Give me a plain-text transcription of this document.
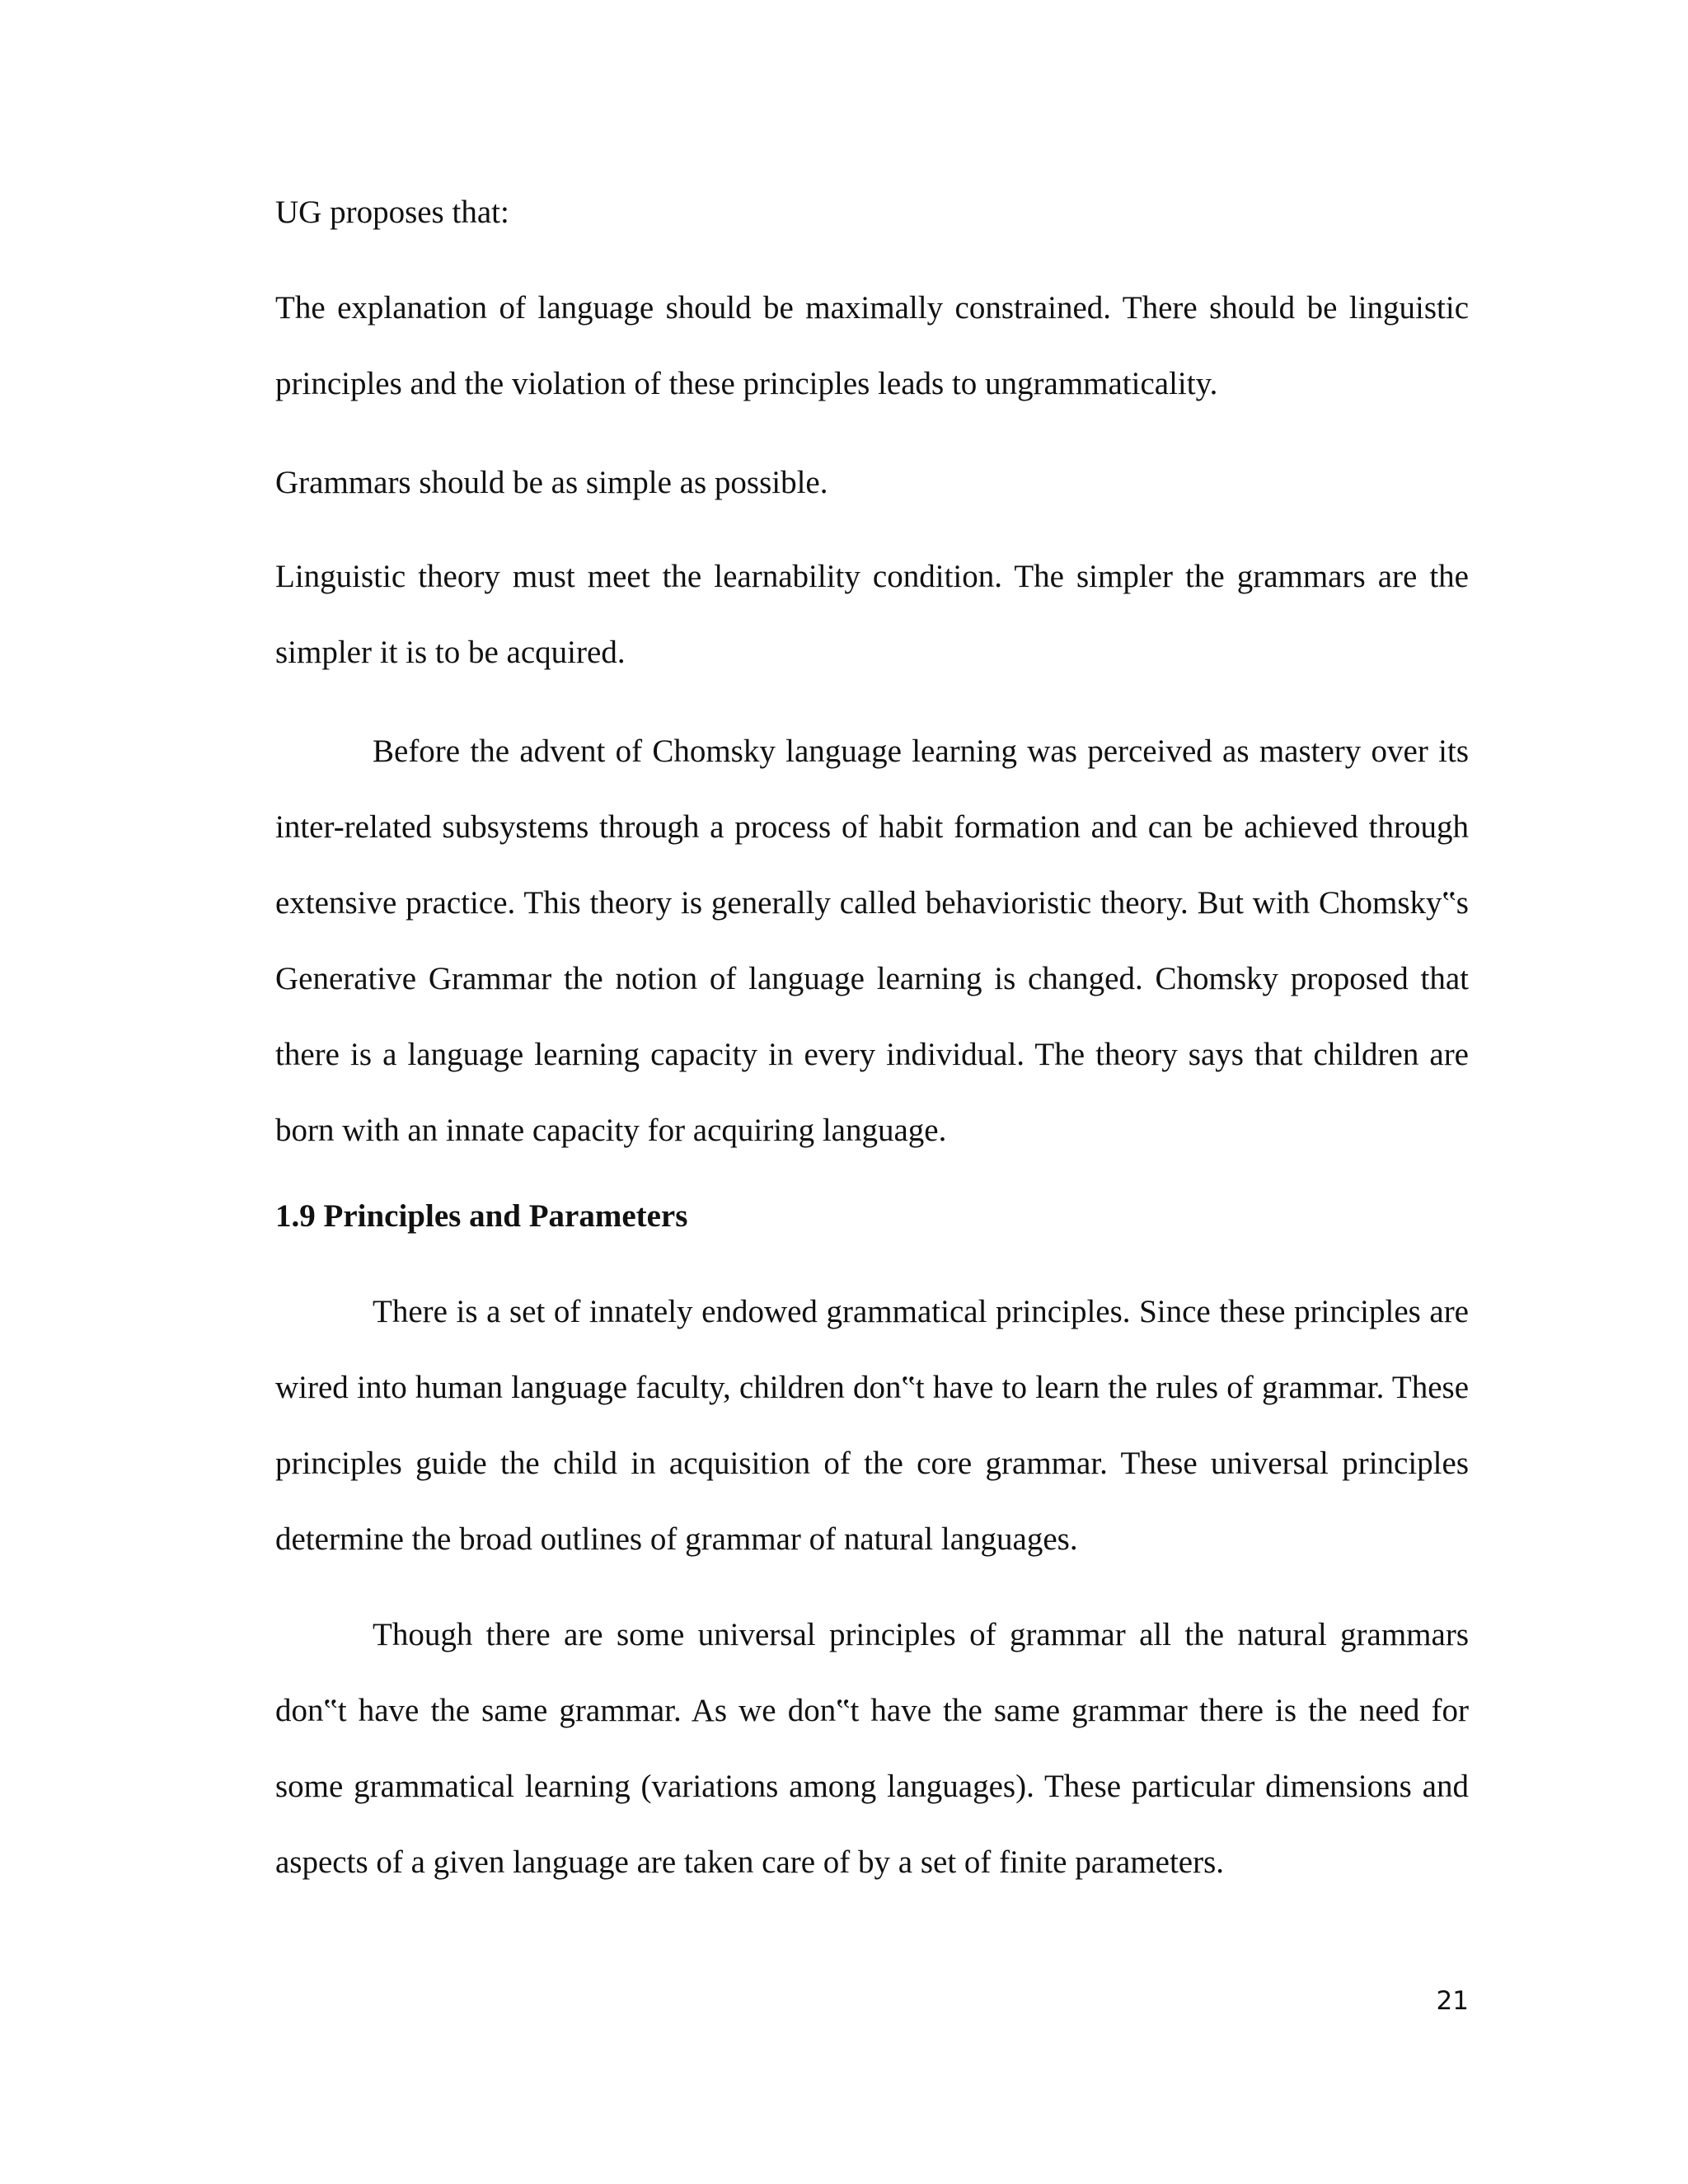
UG proposes that:

The explanation of language should be maximally constrained. There should be linguistic principles and the violation of these principles leads to ungrammaticality.

Grammars should be as simple as possible.

Linguistic theory must meet the learnability condition. The simpler the grammars are the simpler it is to be acquired.

Before the advent of Chomsky language learning was perceived as mastery over its inter-related subsystems through a process of habit formation and can be achieved through extensive practice. This theory is generally called behavioristic theory. But with Chomsky‟s Generative Grammar the notion of language learning is changed. Chomsky proposed that there is a language learning capacity in every individual. The theory says that children are born with an innate capacity for acquiring language.

1.9 Principles and Parameters

There is a set of innately endowed grammatical principles. Since these principles are wired into human language faculty, children don‟t have to learn the rules of grammar. These principles guide the child in acquisition of the core grammar. These universal principles determine the broad outlines of grammar of natural languages.

Though there are some universal principles of grammar all the natural grammars don‟t have the same grammar. As we don‟t have the same grammar there is the need for some grammatical learning (variations among languages). These particular dimensions and aspects of a given language are taken care of by a set of finite parameters.

21
